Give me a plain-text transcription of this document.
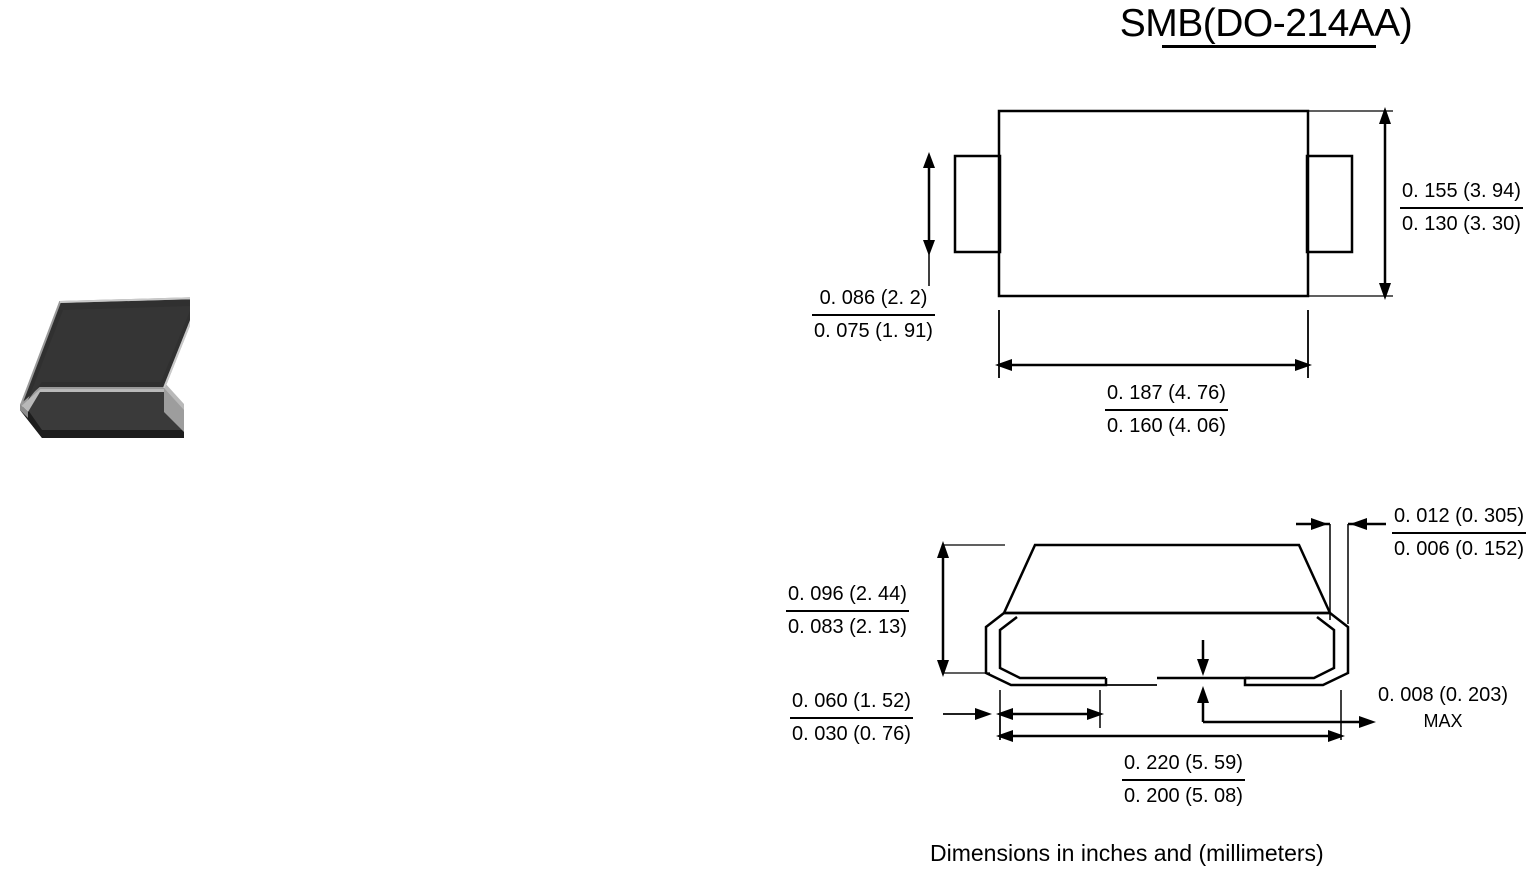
SMB(DO-214AA)
0. 086 (2. 2)
0. 075 (1. 91)
0. 155 (3. 94)
0. 130 (3. 30)
0. 187 (4. 76)
0. 160 (4. 06)
0. 096 (2. 44)
0. 083 (2. 13)
0. 060 (1. 52)
0. 030 (0. 76)
0. 012 (0. 305)
0. 006 (0. 152)
0. 220 (5. 59)
0. 200 (5. 08)
0. 008 (0. 203)
MAX
Dimensions in inches and (millimeters)
